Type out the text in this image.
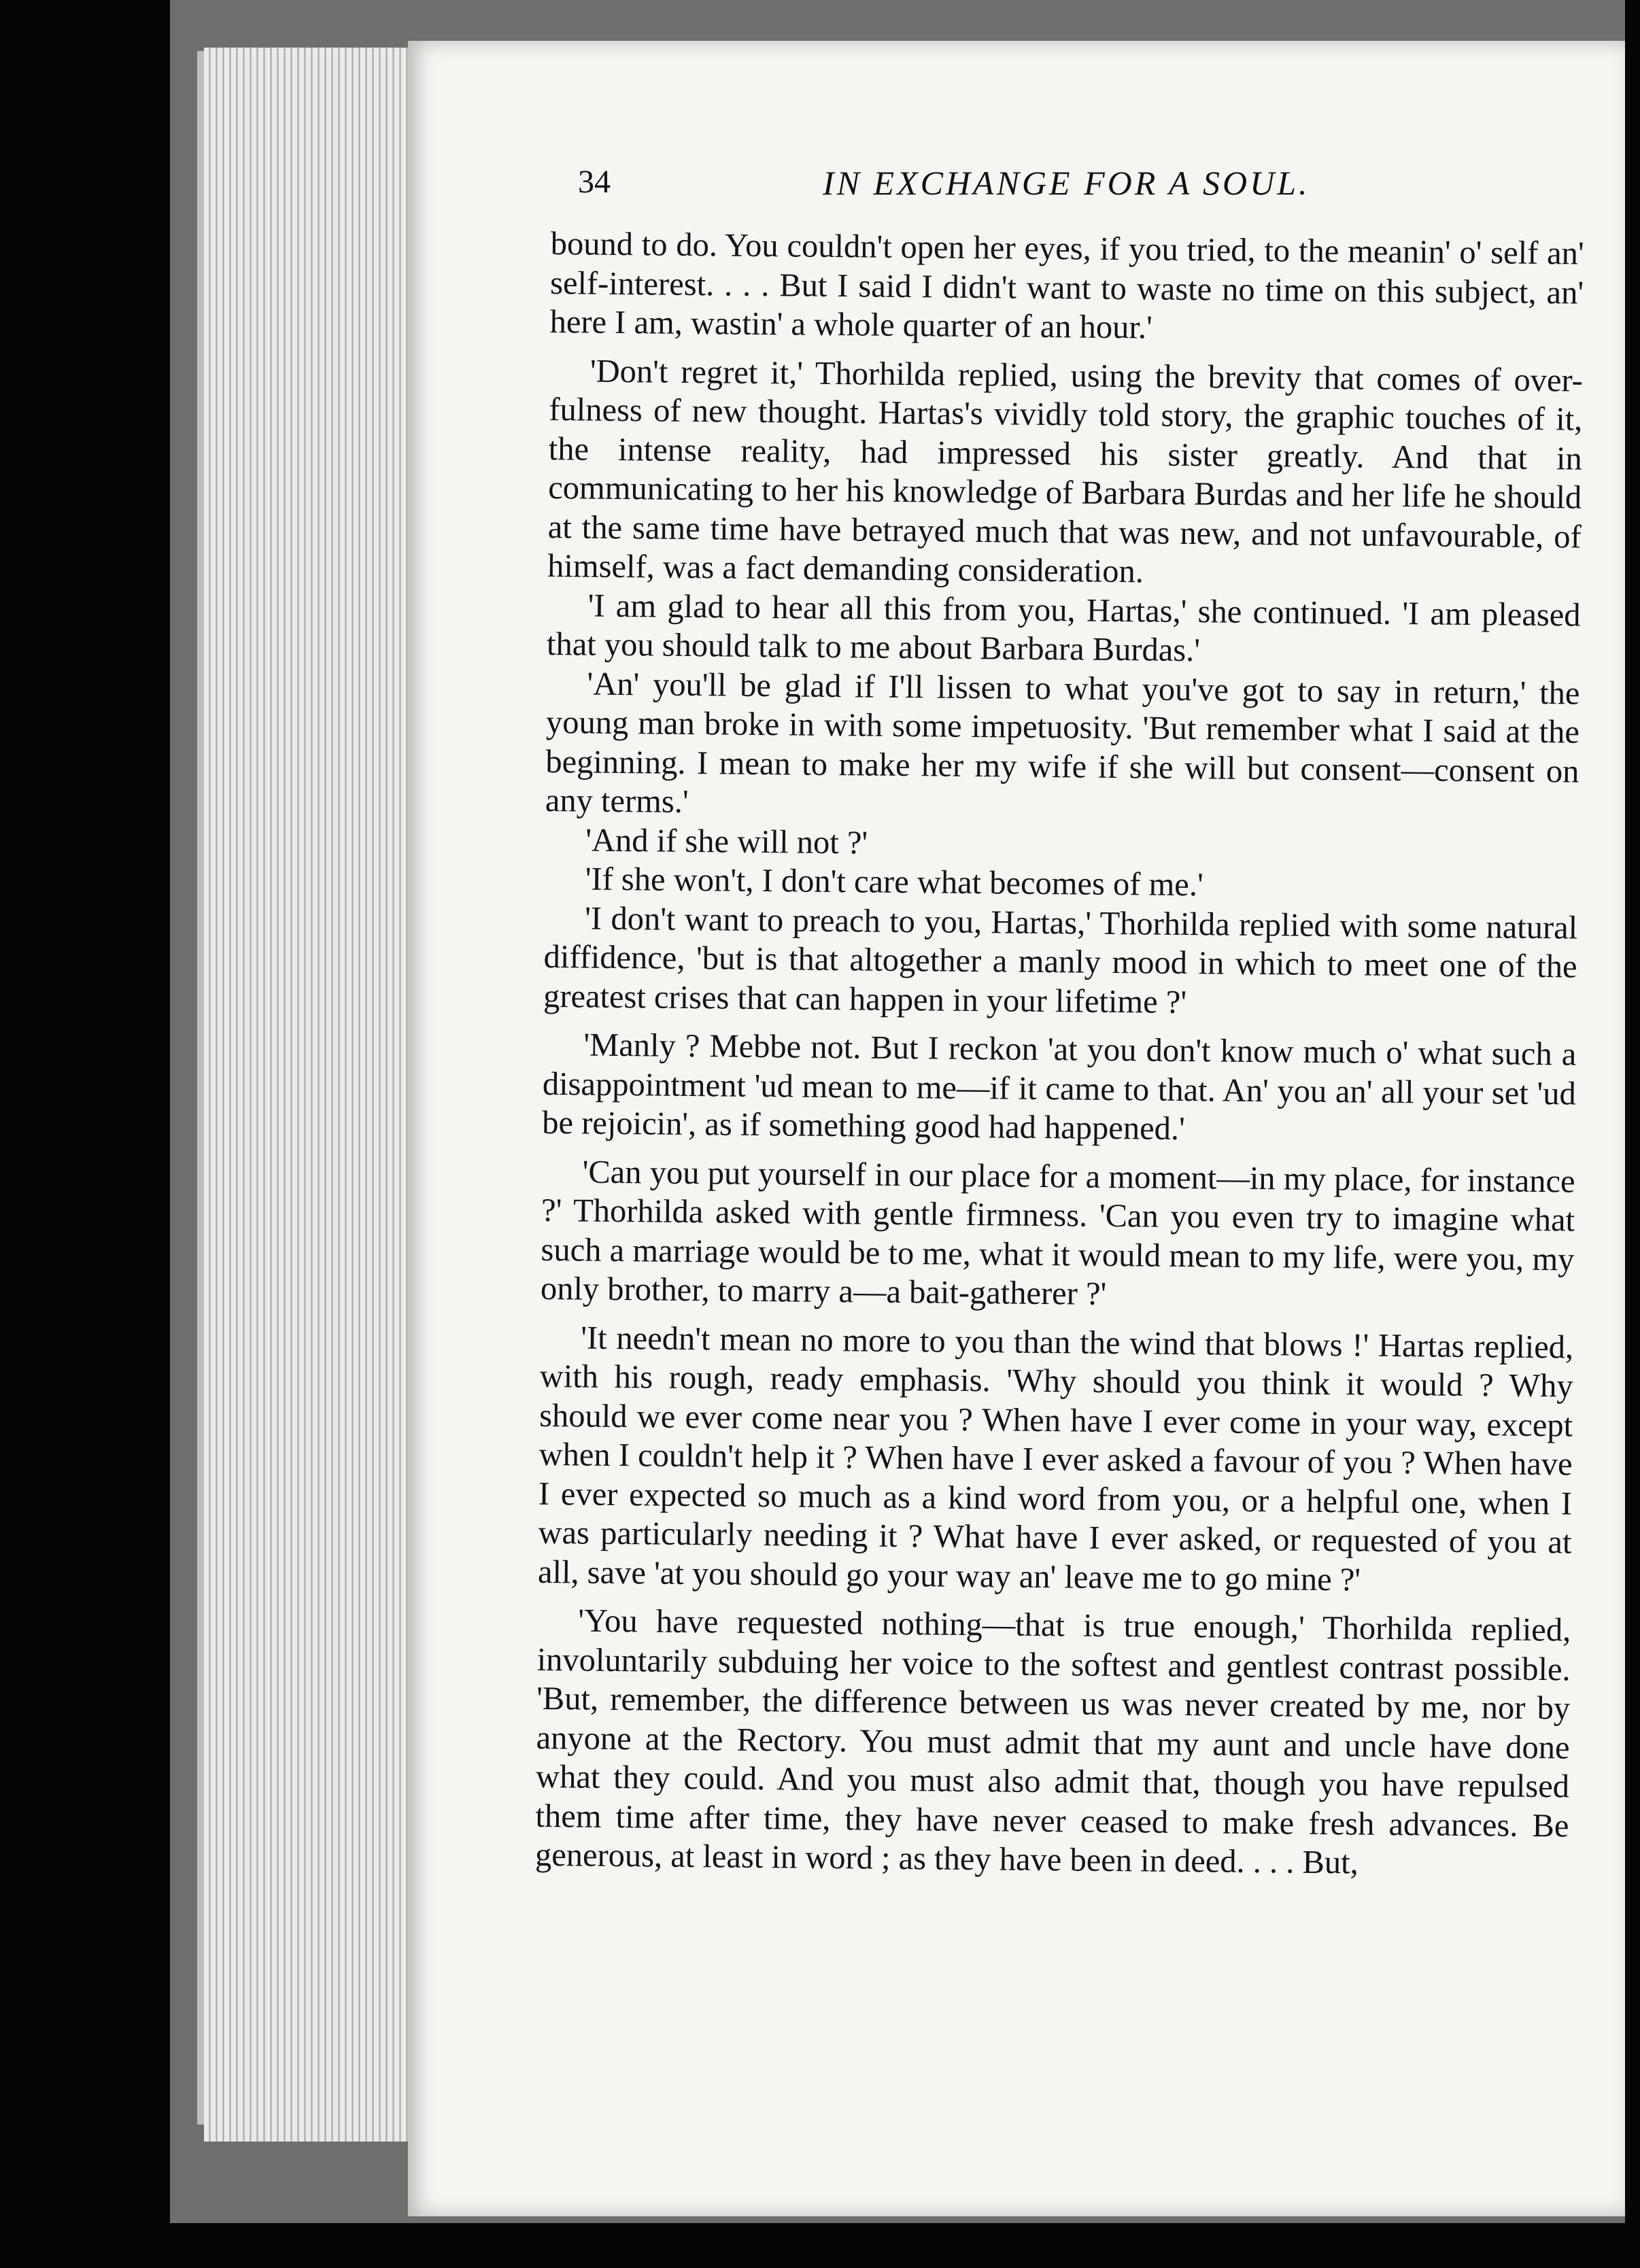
34	IN EXCHANGE FOR A SOUL.

bound to do. You couldn't open her eyes, if you tried, to the meanin' o' self an' self-interest. . . . But I said I didn't want to waste no time on this subject, an' here I am, wastin' a whole quarter of an hour.'

'Don't regret it,' Thorhilda replied, using the brevity that comes of over-fulness of new thought. Hartas's vividly told story, the graphic touches of it, the intense reality, had impressed his sister greatly. And that in communicating to her his knowledge of Barbara Burdas and her life he should at the same time have betrayed much that was new, and not unfavourable, of himself, was a fact demanding consideration.

'I am glad to hear all this from you, Hartas,' she continued. 'I am pleased that you should talk to me about Barbara Burdas.'

'An' you'll be glad if I'll lissen to what you've got to say in return,' the young man broke in with some impetuosity. 'But remember what I said at the beginning. I mean to make her my wife if she will but consent—consent on any terms.'

'And if she will not ?'

'If she won't, I don't care what becomes of me.'

'I don't want to preach to you, Hartas,' Thorhilda replied with some natural diffidence, 'but is that altogether a manly mood in which to meet one of the greatest crises that can happen in your lifetime ?'

'Manly ? Mebbe not. But I reckon 'at you don't know much o' what such a disappointment 'ud mean to me—if it came to that. An' you an' all your set 'ud be rejoicin', as if something good had happened.'

'Can you put yourself in our place for a moment—in my place, for instance ?' Thorhilda asked with gentle firmness. 'Can you even try to imagine what such a marriage would be to me, what it would mean to my life, were you, my only brother, to marry a—a bait-gatherer ?'

'It needn't mean no more to you than the wind that blows !' Hartas replied, with his rough, ready emphasis. 'Why should you think it would ? Why should we ever come near you ? When have I ever come in your way, except when I couldn't help it ? When have I ever asked a favour of you ? When have I ever expected so much as a kind word from you, or a helpful one, when I was particularly needing it ? What have I ever asked, or requested of you at all, save 'at you should go your way an' leave me to go mine ?'

'You have requested nothing—that is true enough,' Thorhilda replied, involuntarily subduing her voice to the softest and gentlest contrast possible. 'But, remember, the difference between us was never created by me, nor by anyone at the Rectory. You must admit that my aunt and uncle have done what they could. And you must also admit that, though you have repulsed them time after time, they have never ceased to make fresh advances. Be generous, at least in word ; as they have been in deed. . . . But,
